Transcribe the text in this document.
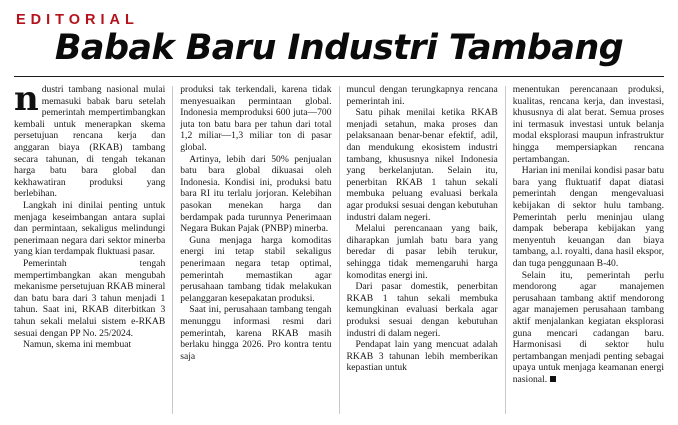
EDITORIAL
Babak Baru Industri Tambang

ndustri tambang nasional mulai memasuki babak baru setelah pemerintah mempertimbangkan kembali untuk menerapkan skema persetujuan rencana kerja dan anggaran biaya (RKAB) tambang secara tahunan, di tengah tekanan harga batu bara global dan kekhawatiran produksi yang berlebihan.

Langkah ini dinilai penting untuk menjaga keseimbangan antara suplai dan permintaan, sekaligus melindungi penerimaan negara dari sektor minerba yang kian terdampak fluktuasi pasar.

Pemerintah tengah mempertimbangkan akan mengubah mekanisme persetujuan RKAB mineral dan batu bara dari 3 tahun menjadi 1 tahun. Saat ini, RKAB diterbitkan 3 tahun sekali melalui sistem e-RKAB sesuai dengan PP No. 25/2024.

Namun, skema ini membuat

produksi tak terkendali, karena tidak menyesuaikan permintaan global. Indonesia memproduksi 600 juta—700 juta ton batu bara per tahun dari total 1,2 miliar—1,3 miliar ton di pasar global.

Artinya, lebih dari 50% penjualan batu bara global dikuasai oleh Indonesia. Kondisi ini, produksi batu bara RI itu terlalu jorjoran. Kelebihan pasokan menekan harga dan berdampak pada turunnya Penerimaan Negara Bukan Pajak (PNBP) minerba.

Guna menjaga harga komoditas energi ini tetap stabil sekaligus penerimaan negara tetap optimal, pemerintah memastikan agar perusahaan tambang tidak melakukan pelanggaran kesepakatan produksi.

Saat ini, perusahaan tambang tengah menunggu informasi resmi dari pemerintah, karena RKAB masih berlaku hingga 2026. Pro kontra tentu saja

muncul dengan terungkapnya rencana pemerintah ini.

Satu pihak menilai ketika RKAB menjadi setahun, maka proses dan pelaksanaan benar-benar efektif, adil, dan mendukung ekosistem industri tambang, khususnya nikel Indonesia yang berkelanjutan. Selain itu, penerbitan RKAB 1 tahun sekali membuka peluang evaluasi berkala agar produksi sesuai dengan kebutuhan industri dalam negeri.

Melalui perencanaan yang baik, diharapkan jumlah batu bara yang beredar di pasar lebih terukur, sehingga tidak memengaruhi harga komoditas energi ini.

Dari pasar domestik, penerbitan RKAB 1 tahun sekali membuka kemungkinan evaluasi berkala agar produksi sesuai dengan kebutuhan industri di dalam negeri.

Pendapat lain yang mencuat adalah RKAB 3 tahunan lebih memberikan kepastian untuk

menentukan perencanaan produksi, kualitas, rencana kerja, dan investasi, khususnya di alat berat. Semua proses ini termasuk investasi untuk belanja modal eksplorasi maupun infrastruktur hingga mempersiapkan rencana pertambangan.

Harian ini menilai kondisi pasar batu bara yang fluktuatif dapat diatasi pemerintah dengan mengevaluasi kebijakan di sektor hulu tambang. Pemerintah perlu meninjau ulang dampak beberapa kebijakan yang menyentuh keuangan dan biaya tambang, a.l. royalti, dana hasil ekspor, dan tuga penggunaan B-40.

Selain itu, pemerintah perlu mendorong agar manajemen perusahaan tambang aktif mendorong agar manajemen perusahaan tambang aktif menjalankan kegiatan eksplorasi guna mencari cadangan baru. Harmonisasi di sektor hulu pertambangan menjadi penting sebagai upaya untuk menjaga keamanan energi nasional.
